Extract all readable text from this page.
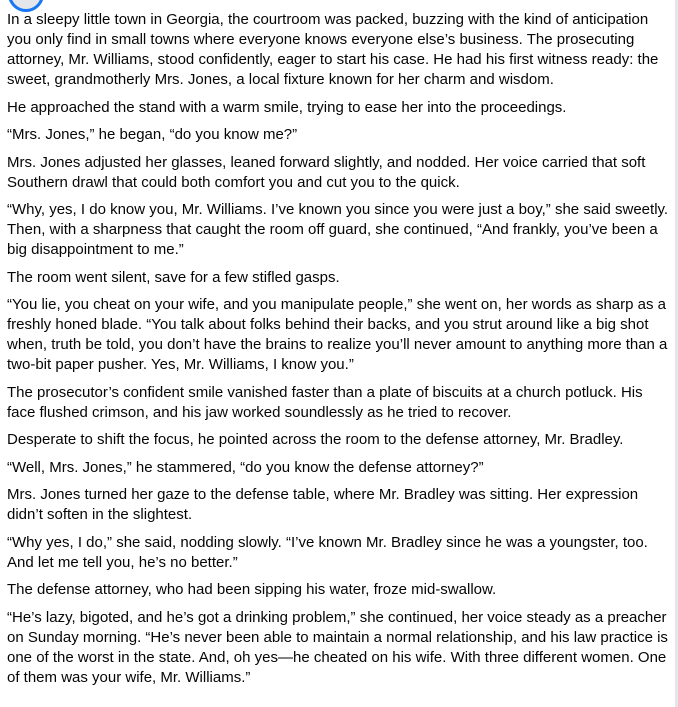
In a sleepy little town in Georgia, the courtroom was packed, buzzing with the kind of anticipation you only find in small towns where everyone knows everyone else’s business. The prosecuting attorney, Mr. Williams, stood confidently, eager to start his case. He had his first witness ready: the sweet, grandmotherly Mrs. Jones, a local fixture known for her charm and wisdom.

He approached the stand with a warm smile, trying to ease her into the proceedings.

“Mrs. Jones,” he began, “do you know me?”

Mrs. Jones adjusted her glasses, leaned forward slightly, and nodded. Her voice carried that soft Southern drawl that could both comfort you and cut you to the quick.

“Why, yes, I do know you, Mr. Williams. I’ve known you since you were just a boy,” she said sweetly. Then, with a sharpness that caught the room off guard, she continued, “And frankly, you’ve been a big disappointment to me.”

The room went silent, save for a few stifled gasps.

“You lie, you cheat on your wife, and you manipulate people,” she went on, her words as sharp as a freshly honed blade. “You talk about folks behind their backs, and you strut around like a big shot when, truth be told, you don’t have the brains to realize you’ll never amount to anything more than a two-bit paper pusher. Yes, Mr. Williams, I know you.”

The prosecutor’s confident smile vanished faster than a plate of biscuits at a church potluck. His face flushed crimson, and his jaw worked soundlessly as he tried to recover.

Desperate to shift the focus, he pointed across the room to the defense attorney, Mr. Bradley.

“Well, Mrs. Jones,” he stammered, “do you know the defense attorney?”

Mrs. Jones turned her gaze to the defense table, where Mr. Bradley was sitting. Her expression didn’t soften in the slightest.

“Why yes, I do,” she said, nodding slowly. “I’ve known Mr. Bradley since he was a youngster, too. And let me tell you, he’s no better.”

The defense attorney, who had been sipping his water, froze mid-swallow.

“He’s lazy, bigoted, and he’s got a drinking problem,” she continued, her voice steady as a preacher on Sunday morning. “He’s never been able to maintain a normal relationship, and his law practice is one of the worst in the state. And, oh yes—he cheated on his wife. With three different women. One of them was your wife, Mr. Williams.”
